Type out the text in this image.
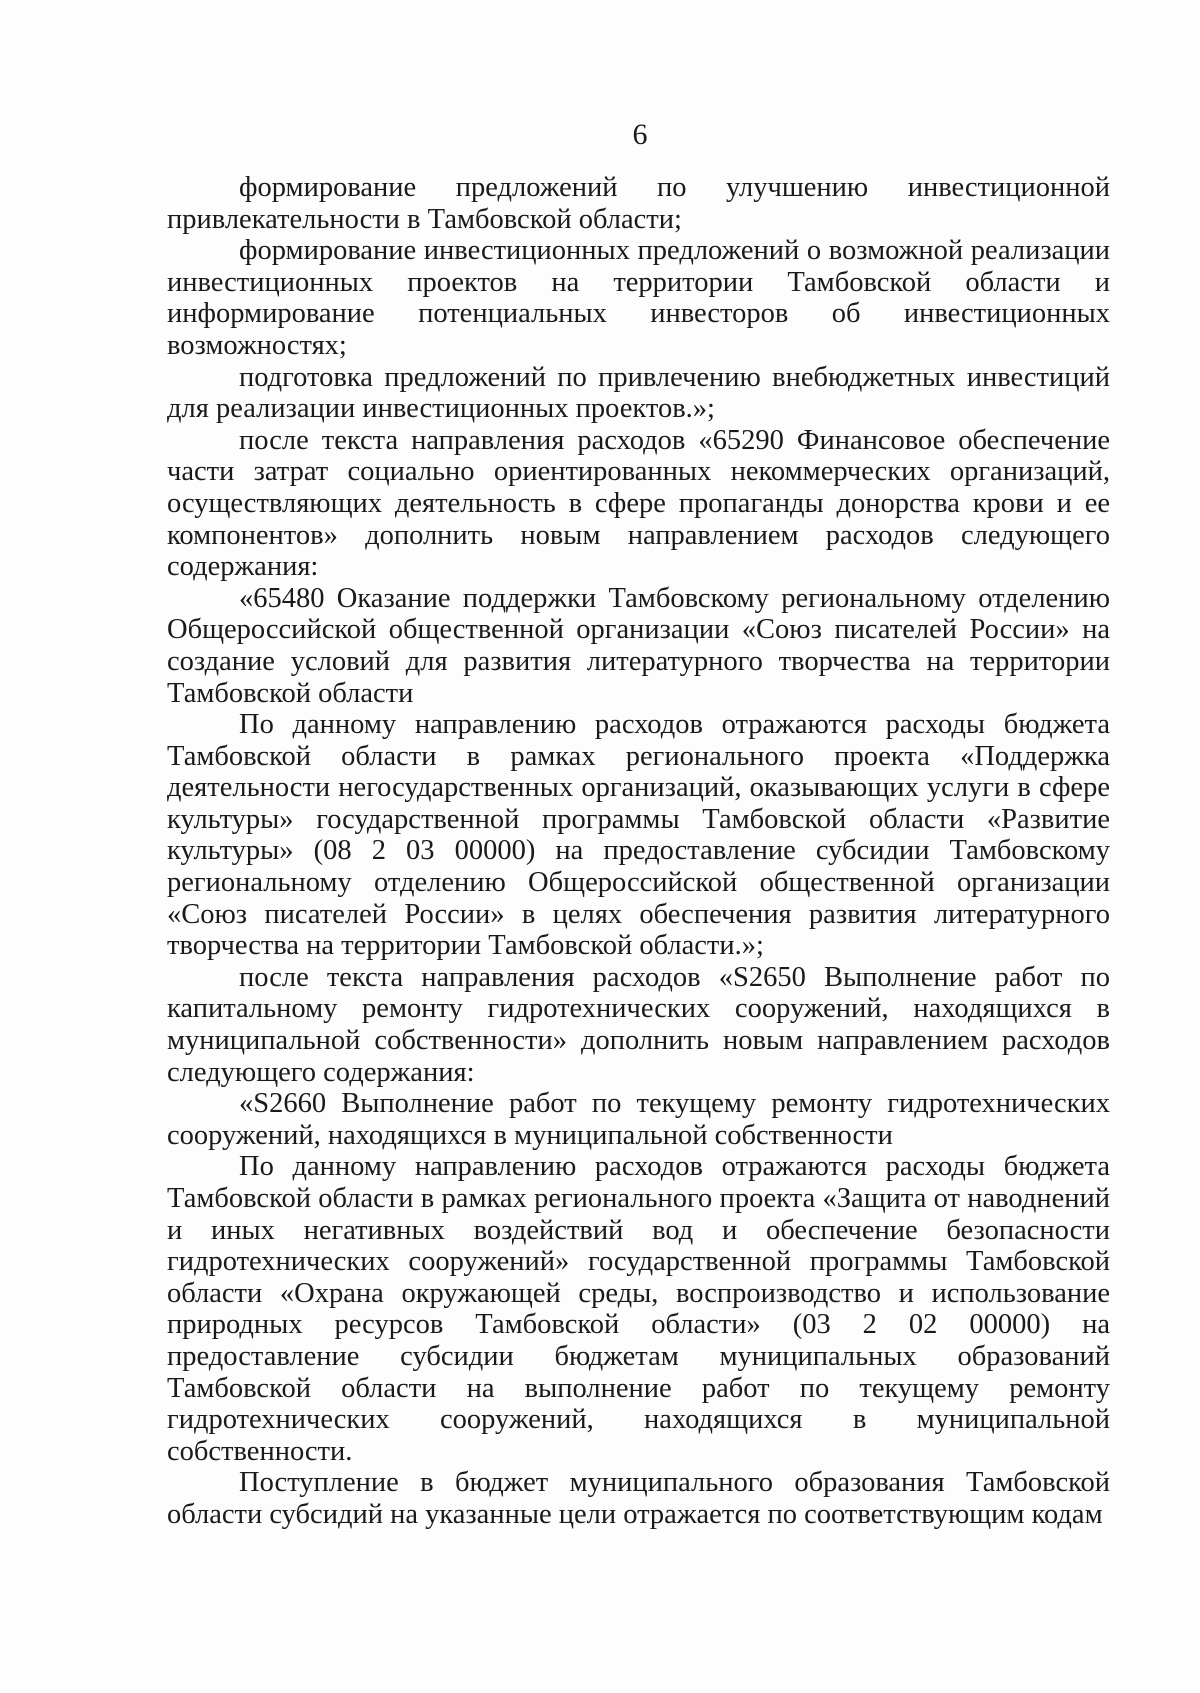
6

формирование предложений по улучшению инвестиционной привлекательности в Тамбовской области;

формирование инвестиционных предложений о возможной реализации инвестиционных проектов на территории Тамбовской области и информирование потенциальных инвесторов об инвестиционных возможностях;

подготовка предложений по привлечению внебюджетных инвестиций для реализации инвестиционных проектов.»;

после текста направления расходов «65290 Финансовое обеспечение части затрат социально ориентированных некоммерческих организаций, осуществляющих деятельность в сфере пропаганды донорства крови и ее компонентов» дополнить новым направлением расходов следующего содержания:

«65480 Оказание поддержки Тамбовскому региональному отделению Общероссийской общественной организации «Союз писателей России» на создание условий для развития литературного творчества на территории Тамбовской области

По данному направлению расходов отражаются расходы бюджета Тамбовской области в рамках регионального проекта «Поддержка деятельности негосударственных организаций, оказывающих услуги в сфере культуры» государственной программы Тамбовской области «Развитие культуры» (08 2 03 00000) на предоставление субсидии Тамбовскому региональному отделению Общероссийской общественной организации «Союз писателей России» в целях обеспечения развития литературного творчества на территории Тамбовской области.»;

после текста направления расходов «S2650 Выполнение работ по капитальному ремонту гидротехнических сооружений, находящихся в муниципальной собственности» дополнить новым направлением расходов следующего содержания:

«S2660 Выполнение работ по текущему ремонту гидротехнических сооружений, находящихся в муниципальной собственности

По данному направлению расходов отражаются расходы бюджета Тамбовской области в рамках регионального проекта «Защита от наводнений и иных негативных воздействий вод и обеспечение безопасности гидротехнических сооружений» государственной программы Тамбовской области «Охрана окружающей среды, воспроизводство и использование природных ресурсов Тамбовской области» (03 2 02 00000) на предоставление субсидии бюджетам муниципальных образований Тамбовской области на выполнение работ по текущему ремонту гидротехнических сооружений, находящихся в муниципальной собственности.

Поступление в бюджет муниципального образования Тамбовской области субсидий на указанные цели отражается по соответствующим кодам
